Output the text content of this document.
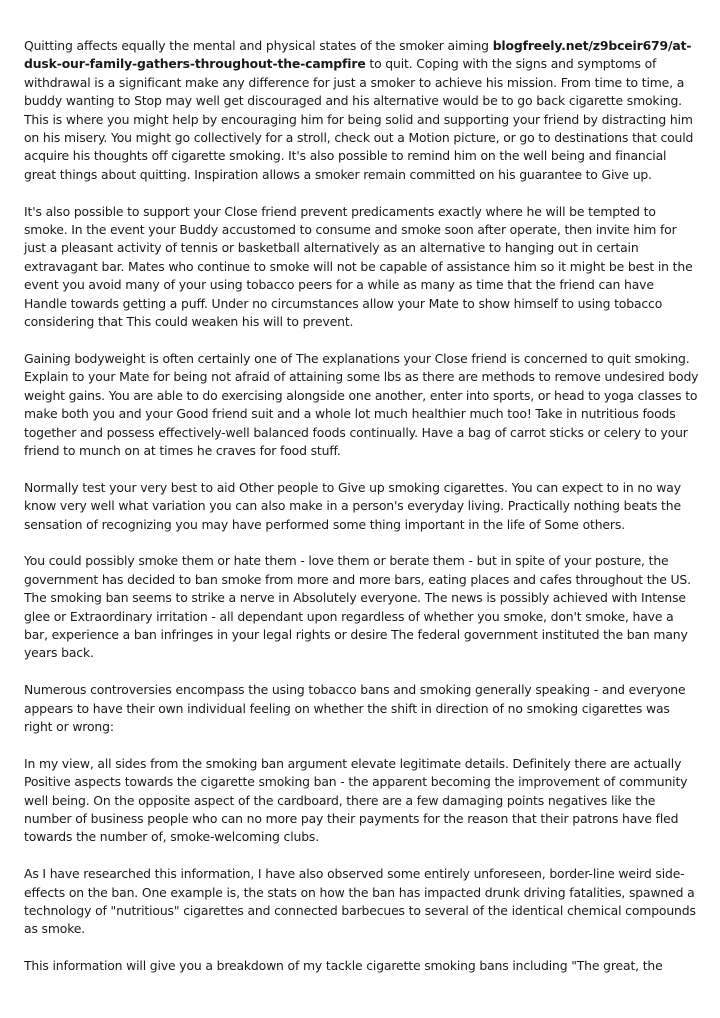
Quitting affects equally the mental and physical states of the smoker aiming blogfreely.net/z9bceir679/at-dusk-our-family-gathers-throughout-the-campfire to quit. Coping with the signs and symptoms of withdrawal is a significant make any difference for just a smoker to achieve his mission. From time to time, a buddy wanting to Stop may well get discouraged and his alternative would be to go back cigarette smoking. This is where you might help by encouraging him for being solid and supporting your friend by distracting him on his misery. You might go collectively for a stroll, check out a Motion picture, or go to destinations that could acquire his thoughts off cigarette smoking. It's also possible to remind him on the well being and financial great things about quitting. Inspiration allows a smoker remain committed on his guarantee to Give up.

It's also possible to support your Close friend prevent predicaments exactly where he will be tempted to smoke. In the event your Buddy accustomed to consume and smoke soon after operate, then invite him for just a pleasant activity of tennis or basketball alternatively as an alternative to hanging out in certain extravagant bar. Mates who continue to smoke will not be capable of assistance him so it might be best in the event you avoid many of your using tobacco peers for a while as many as time that the friend can have Handle towards getting a puff. Under no circumstances allow your Mate to show himself to using tobacco considering that This could weaken his will to prevent.

Gaining bodyweight is often certainly one of The explanations your Close friend is concerned to quit smoking. Explain to your Mate for being not afraid of attaining some lbs as there are methods to remove undesired body weight gains. You are able to do exercising alongside one another, enter into sports, or head to yoga classes to make both you and your Good friend suit and a whole lot much healthier much too! Take in nutritious foods together and possess effectively-well balanced foods continually. Have a bag of carrot sticks or celery to your friend to munch on at times he craves for food stuff.

Normally test your very best to aid Other people to Give up smoking cigarettes. You can expect to in no way know very well what variation you can also make in a person's everyday living. Practically nothing beats the sensation of recognizing you may have performed some thing important in the life of Some others.

You could possibly smoke them or hate them - love them or berate them - but in spite of your posture, the government has decided to ban smoke from more and more bars, eating places and cafes throughout the US. The smoking ban seems to strike a nerve in Absolutely everyone. The news is possibly achieved with Intense glee or Extraordinary irritation - all dependant upon regardless of whether you smoke, don't smoke, have a bar, experience a ban infringes in your legal rights or desire The federal government instituted the ban many years back.

Numerous controversies encompass the using tobacco bans and smoking generally speaking - and everyone appears to have their own individual feeling on whether the shift in direction of no smoking cigarettes was right or wrong:

In my view, all sides from the smoking ban argument elevate legitimate details. Definitely there are actually Positive aspects towards the cigarette smoking ban - the apparent becoming the improvement of community well being. On the opposite aspect of the cardboard, there are a few damaging points negatives like the number of business people who can no more pay their payments for the reason that their patrons have fled towards the number of, smoke-welcoming clubs.

As I have researched this information, I have also observed some entirely unforeseen, border-line weird side-effects on the ban. One example is, the stats on how the ban has impacted drunk driving fatalities, spawned a technology of "nutritious" cigarettes and connected barbecues to several of the identical chemical compounds as smoke.

This information will give you a breakdown of my tackle cigarette smoking bans including "The great, the
